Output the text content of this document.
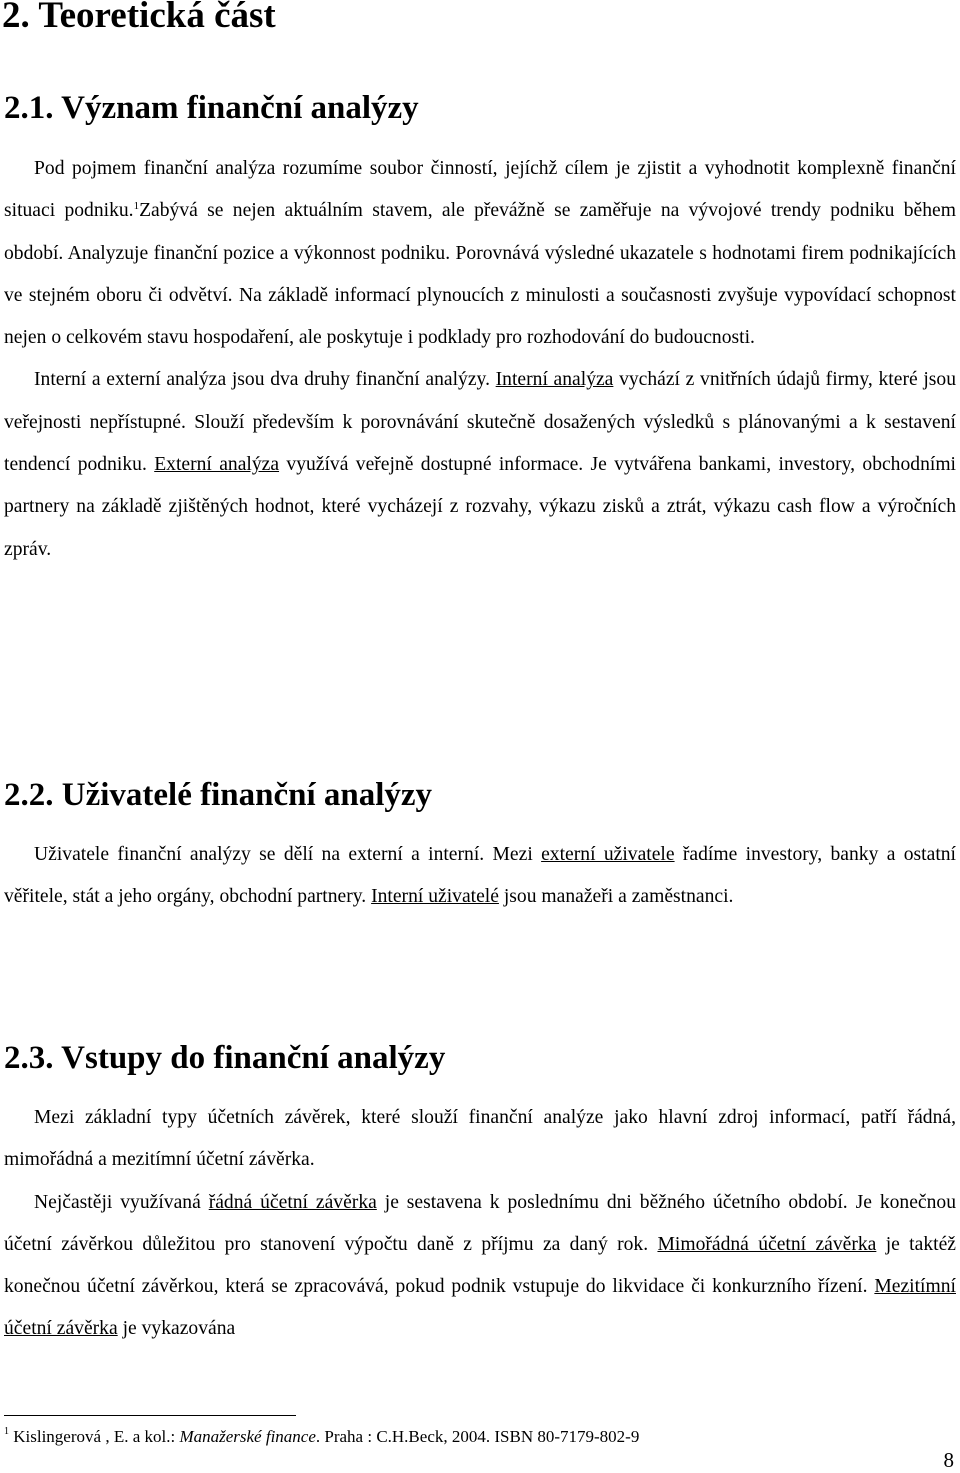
2. Teoretická část
2.1. Význam finanční analýzy

Pod pojmem finanční analýza rozumíme soubor činností, jejíchž cílem je zjistit a vyhodnotit komplexně finanční situaci podniku.$^1$Zabývá se nejen aktuálním stavem, ale převážně se zaměřuje na vývojové trendy podniku během období. Analyzuje finanční pozice a výkonnost podniku. Porovnává výsledné ukazatele s hodnotami firem podnikajících ve stejném oboru či odvětví. Na základě informací plynoucích z minulosti a současnosti zvyšuje vypovídací schopnost nejen o celkovém stavu hospodaření, ale poskytuje i podklady pro rozhodování do budoucnosti.

Interní a externí analýza jsou dva druhy finanční analýzy. Interní analýza vychází z vnitřních údajů firmy, které jsou veřejnosti nepřístupné. Slouží především k porovnávání skutečně dosažených výsledků s plánovanými a k sestavení tendencí podniku. Externí analýza využívá veřejně dostupné informace. Je vytvářena bankami, investory, obchodními partnery na základě zjištěných hodnot, které vycházejí z rozvahy, výkazu zisků a ztrát, výkazu cash flow a výročních zpráv.

2.2. Uživatelé finanční analýzy

Uživatele finanční analýzy se dělí na externí a interní. Mezi externí uživatele řadíme investory, banky a ostatní věřitele, stát a jeho orgány, obchodní partnery. Interní uživatelé jsou manažeři a zaměstnanci.

2.3. Vstupy do finanční analýzy

Mezi základní typy účetních závěrek, které slouží finanční analýze jako hlavní zdroj informací, patří řádná, mimořádná a mezitímní účetní závěrka.

Nejčastěji využívaná řádná účetní závěrka je sestavena k poslednímu dni běžného účetního období. Je konečnou účetní závěrkou důležitou pro stanovení výpočtu daně z příjmu za daný rok. Mimořádná účetní závěrka je taktéž konečnou účetní závěrkou, která se zpracovává, pokud podnik vstupuje do likvidace či konkurzního řízení. Mezitímní účetní závěrka je vykazována

$^1$ Kislingerová , E. a kol.: Manažerské finance. Praha : C.H.Beck, 2004. ISBN 80-7179-802-9
8
